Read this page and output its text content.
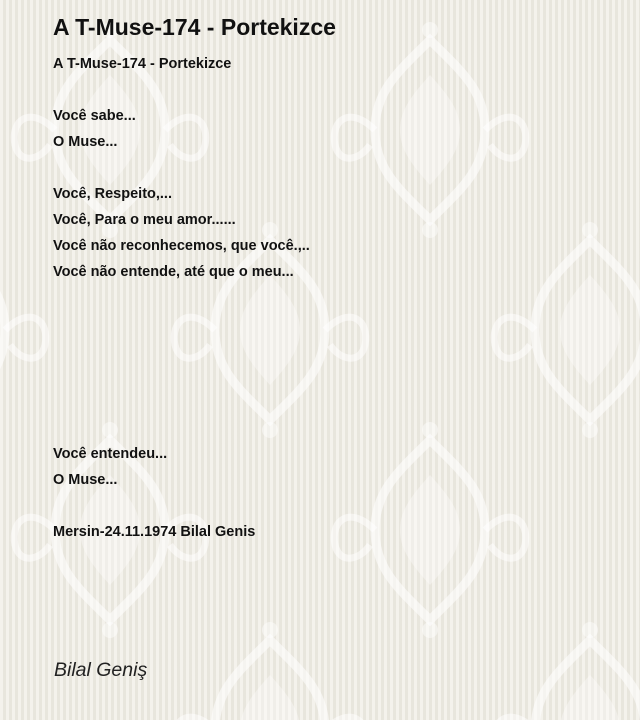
A T-Muse-174 - Portekizce
A T-Muse-174 - Portekizce
Você sabe...
O Muse...
Você, Respeito,...
Você, Para o meu amor......
Você não reconhecemos, que você.,..
Você não entende, até que o meu...
Você entendeu...
O Muse...
Mersin-24.11.1974 Bilal Genis
Bilal Geniş
